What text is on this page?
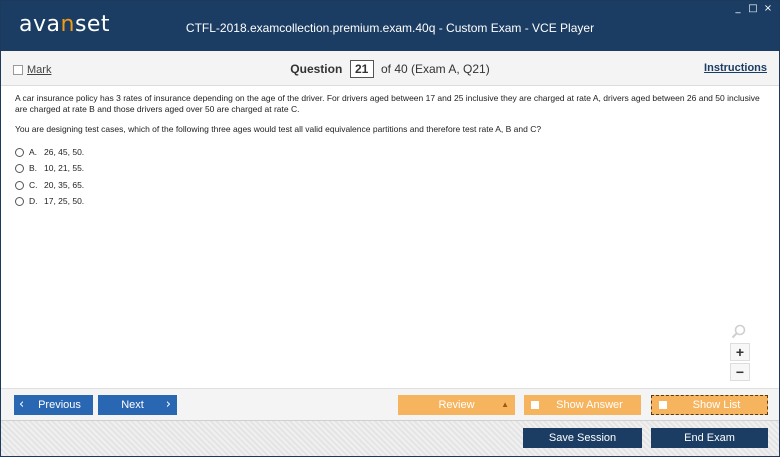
avanset	CTFL-2018.examcollection.premium.exam.40q - Custom Exam - VCE Player
_ □ ×
Mark	Question 21 of 40 (Exam A, Q21)	Instructions

A car insurance policy has 3 rates of insurance depending on the age of the driver. For drivers aged between 17 and 25 inclusive they are charged at rate A, drivers aged between 26 and 50 inclusive are charged at rate B and those drivers aged over 50 are charged at rate C.

You are designing test cases, which of the following three ages would test all valid equivalence partitions and therefore test rate A, B and C?

A. 26, 45, 50.
B. 10, 21, 55.
C. 20, 35, 65.
D. 17, 25, 50.
+
−
‹ Previous	Next ›	Review	▲	Show Answer	Show List
Save Session	End Exam
